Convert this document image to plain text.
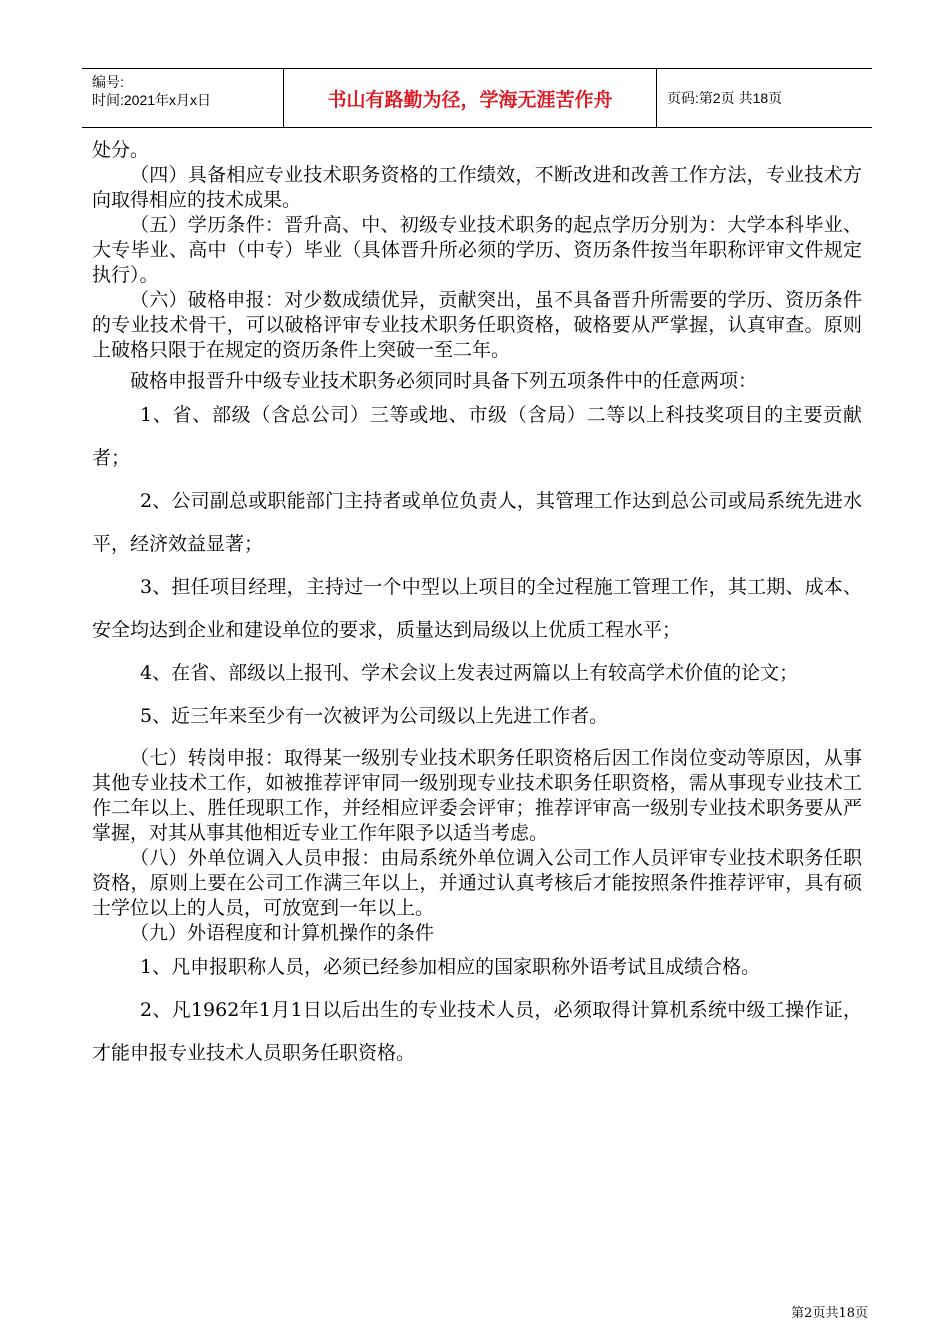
编号:
时间:2021年x月x日	书山有路勤为径，学海无涯苦作舟	页码:第2页 共18页

处分。

（四）具备相应专业技术职务资格的工作绩效，不断改进和改善工作方法，专业技术方向取得相应的技术成果。

（五）学历条件：晋升高、中、初级专业技术职务的起点学历分别为：大学本科毕业、大专毕业、高中（中专）毕业（具体晋升所必须的学历、资历条件按当年职称评审文件规定执行）。

（六）破格申报：对少数成绩优异，贡献突出，虽不具备晋升所需要的学历、资历条件的专业技术骨干，可以破格评审专业技术职务任职资格，破格要从严掌握，认真审查。原则上破格只限于在规定的资历条件上突破一至二年。

破格申报晋升中级专业技术职务必须同时具备下列五项条件中的任意两项：

1、省、部级（含总公司）三等或地、市级（含局）二等以上科技奖项目的主要贡献者；

2、公司副总或职能部门主持者或单位负责人，其管理工作达到总公司或局系统先进水平，经济效益显著；

3、担任项目经理，主持过一个中型以上项目的全过程施工管理工作，其工期、成本、安全均达到企业和建设单位的要求，质量达到局级以上优质工程水平；

4、在省、部级以上报刊、学术会议上发表过两篇以上有较高学术价值的论文；

5、近三年来至少有一次被评为公司级以上先进工作者。

（七）转岗申报：取得某一级别专业技术职务任职资格后因工作岗位变动等原因，从事其他专业技术工作，如被推荐评审同一级别现专业技术职务任职资格，需从事现专业技术工作二年以上、胜任现职工作，并经相应评委会评审；推荐评审高一级别专业技术职务要从严掌握，对其从事其他相近专业工作年限予以适当考虑。

（八）外单位调入人员申报：由局系统外单位调入公司工作人员评审专业技术职务任职资格，原则上要在公司工作满三年以上，并通过认真考核后才能按照条件推荐评审，具有硕士学位以上的人员，可放宽到一年以上。

（九）外语程度和计算机操作的条件

1、凡申报职称人员，必须已经参加相应的国家职称外语考试且成绩合格。

2、凡1962年1月1日以后出生的专业技术人员，必须取得计算机系统中级工操作证，才能申报专业技术人员职务任职资格。

第2页共18页
